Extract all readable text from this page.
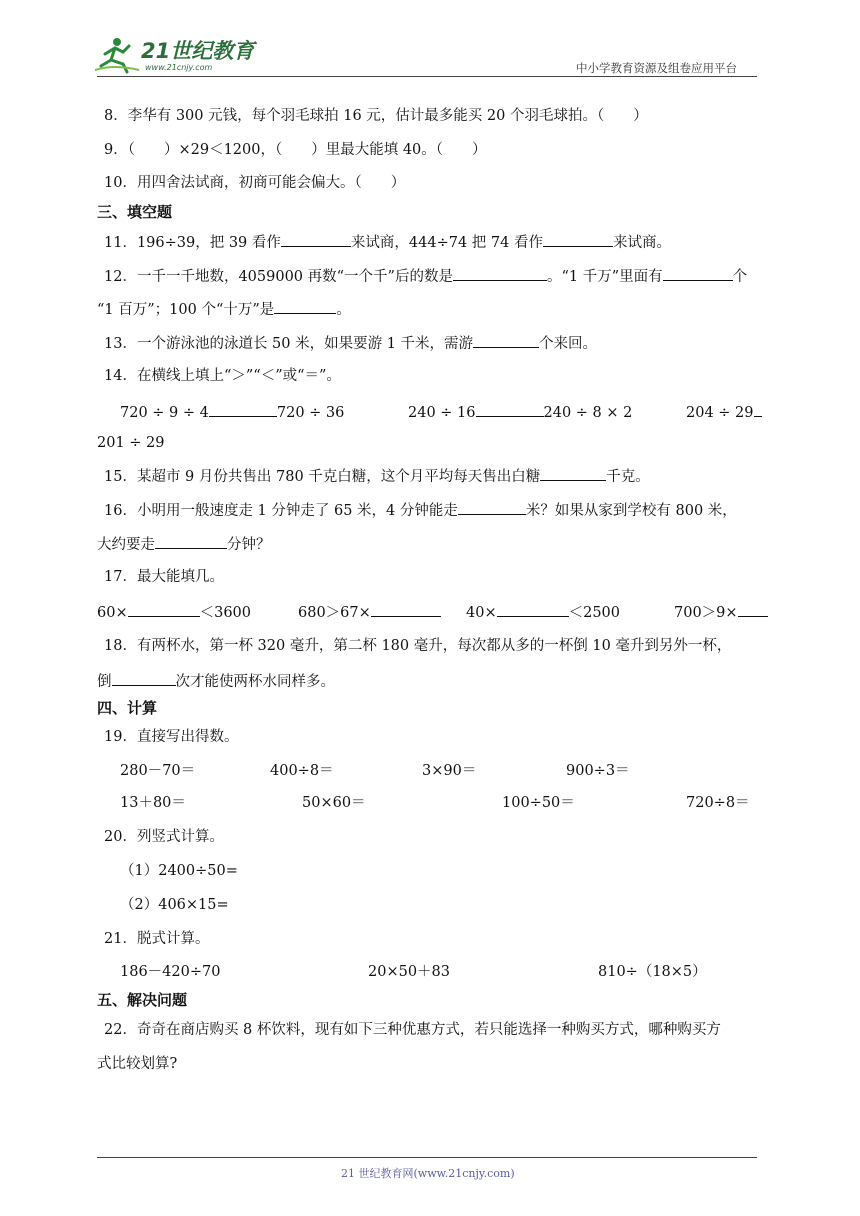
21世纪教育
www.21cnjy.com	中小学教育资源及组卷应用平台
8．李华有 300 元钱，每个羽毛球拍 16 元，估计最多能买 20 个羽毛球拍。（　　）
9．（　　）×29＜1200，（　　）里最大能填 40。（　　）
10．用四舍法试商，初商可能会偏大。（　　）
三、填空题
11．196÷39，把 39 看作	来试商，444÷74 把 74 看作	来试商。
12．一千一千地数，4059000 再数“一个千”后的数是	。“1 千万”里面有	个
“1 百万”；100 个“十万”是	。
13．一个游泳池的泳道长 50 米，如果要游 1 千米，需游	个来回。
14．在横线上填上“＞”“＜”或“＝”。
720 ÷ 9 ÷ 4	720 ÷ 36	240 ÷ 16	240 ÷ 8 × 2	204 ÷ 29
201 ÷ 29
15．某超市 9 月份共售出 780 千克白糖，这个月平均每天售出白糖	千克。
16．小明用一般速度走 1 分钟走了 65 米，4 分钟能走	米？如果从家到学校有 800 米，
大约要走	分钟？
17．最大能填几。
60×	＜3600	680＞67×	40×	＜2500	700＞9×
18．有两杯水，第一杯 320 毫升，第二杯 180 毫升，每次都从多的一杯倒 10 毫升到另外一杯，
倒	次才能使两杯水同样多。
四、计算
19．直接写出得数。
280－70＝	400÷8＝	3×90＝	900÷3＝
13＋80＝	50×60＝	100÷50＝	720÷8＝
20．列竖式计算。
（1）2400÷50=
（2）406×15=
21．脱式计算。
186－420÷70	20×50＋83	810÷（18×5）
五、解决问题
22．奇奇在商店购买 8 杯饮料，现有如下三种优惠方式，若只能选择一种购买方式，哪种购买方
式比较划算?
21 世纪教育网(www.21cnjy.com)
